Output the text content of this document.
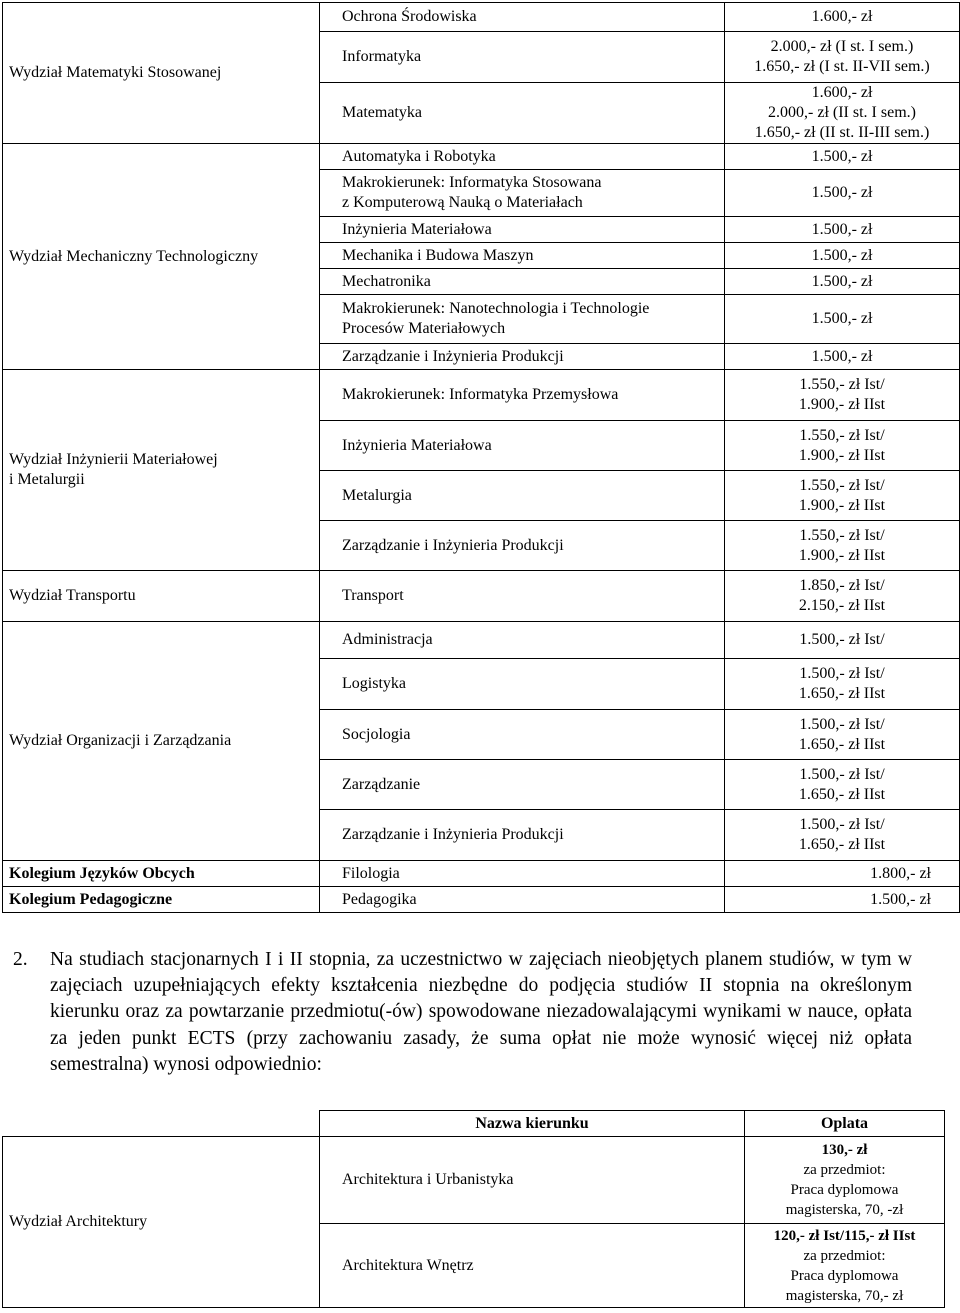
Wydział Matematyki Stosowanej	Ochrona Środowiska	1.600,- zł

	Informatyka	2.000,- zł (I st. I sem.)
1.650,- zł (I st. II-VII sem.)

	Matematyka	1.600,- zł
2.000,- zł (II st. I sem.)
1.650,- zł (II st. II-III sem.)

Wydział Mechaniczny Technologiczny	Automatyka i Robotyka	1.500,- zł

	Makrokierunek: Informatyka Stosowana
z Komputerową Nauką o Materiałach	1.500,- zł

	Inżynieria Materiałowa	1.500,- zł

	Mechanika i Budowa Maszyn	1.500,- zł

	Mechatronika	1.500,- zł

	Makrokierunek: Nanotechnologia i Technologie
Procesów Materiałowych	1.500,- zł

	Zarządzanie i Inżynieria Produkcji	1.500,- zł

Wydział Inżynierii Materiałowej
i Metalurgii	Makrokierunek: Informatyka Przemysłowa	1.550,- zł Ist/
1.900,- zł IIst

	Inżynieria Materiałowa	1.550,- zł Ist/
1.900,- zł IIst

	Metalurgia	1.550,- zł Ist/
1.900,- zł IIst

	Zarządzanie i Inżynieria Produkcji	1.550,- zł Ist/
1.900,- zł IIst

Wydział Transportu	Transport	1.850,- zł Ist/
2.150,- zł IIst

Wydział Organizacji i Zarządzania	Administracja	1.500,- zł Ist/

	Logistyka	1.500,- zł Ist/
1.650,- zł IIst

	Socjologia	1.500,- zł Ist/
1.650,- zł IIst

	Zarządzanie	1.500,- zł Ist/
1.650,- zł IIst

	Zarządzanie i Inżynieria Produkcji	1.500,- zł Ist/
1.650,- zł IIst

Kolegium Języków Obcych	Filologia	1.800,- zł

Kolegium Pedagogiczne	Pedagogika	1.500,- zł
2. Na studiach stacjonarnych I i II stopnia, za uczestnictwo w zajęciach nieobjętych planem studiów, w tym w zajęciach uzupełniających efekty kształcenia niezbędne do podjęcia studiów II stopnia na określonym kierunku oraz za powtarzanie przedmiotu(-ów) spowodowane niezadowalającymi wynikami w nauce, opłata za jeden punkt ECTS (przy zachowaniu zasady, że suma opłat nie może wynosić więcej niż opłata semestralna) wynosi odpowiednio:
	Nazwa kierunku	Oplata
Wydział Architektury	Architektura i Urbanistyka	130,- zł
za przedmiot:
Praca dyplomowa
magisterska, 70, -zł
	Architektura Wnętrz	120,- zł Ist/115,- zł IIst
za przedmiot:
Praca dyplomowa
magisterska, 70,- zł
